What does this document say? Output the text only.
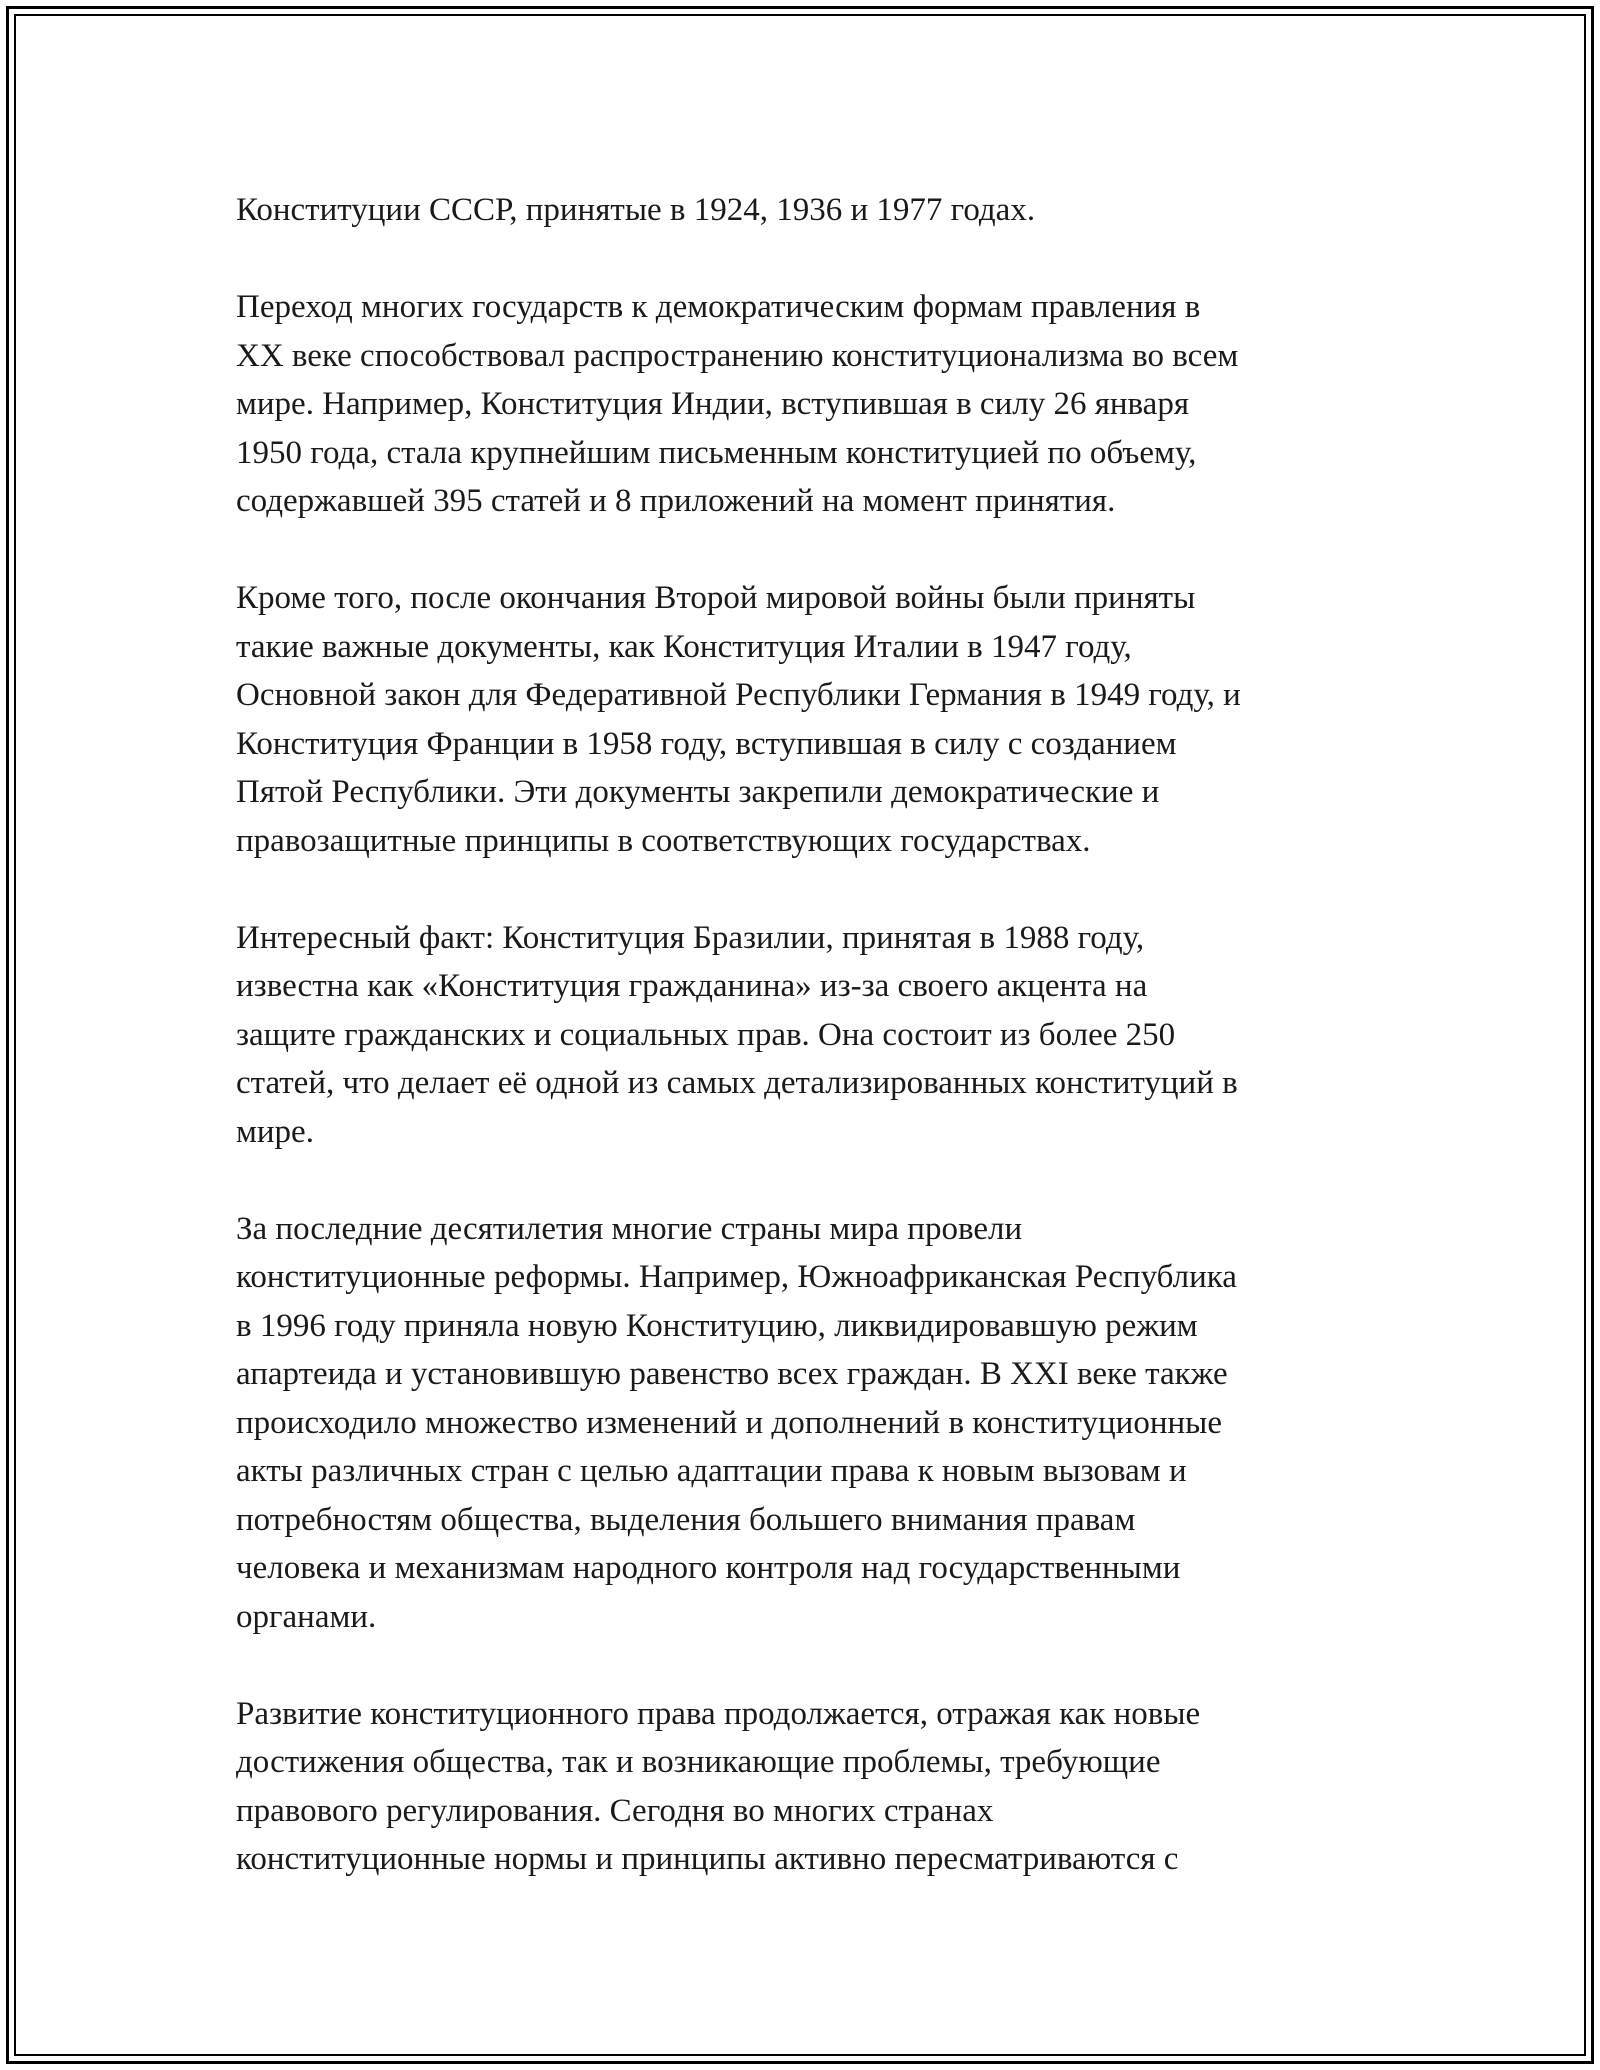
Конституции СССР, принятые в 1924, 1936 и 1977 годах.

Переход многих государств к демократическим формам правления в
XX веке способствовал распространению конституционализма во всем
мире. Например, Конституция Индии, вступившая в силу 26 января
1950 года, стала крупнейшим письменным конституцией по объему,
содержавшей 395 статей и 8 приложений на момент принятия.

Кроме того, после окончания Второй мировой войны были приняты
такие важные документы, как Конституция Италии в 1947 году,
Основной закон для Федеративной Республики Германия в 1949 году, и
Конституция Франции в 1958 году, вступившая в силу с созданием
Пятой Республики. Эти документы закрепили демократические и
правозащитные принципы в соответствующих государствах.

Интересный факт: Конституция Бразилии, принятая в 1988 году,
известна как «Конституция гражданина» из-за своего акцента на
защите гражданских и социальных прав. Она состоит из более 250
статей, что делает её одной из самых детализированных конституций в
мире.

За последние десятилетия многие страны мира провели
конституционные реформы. Например, Южноафриканская Республика
в 1996 году приняла новую Конституцию, ликвидировавшую режим
апартеида и установившую равенство всех граждан. В XXI веке также
происходило множество изменений и дополнений в конституционные
акты различных стран с целью адаптации права к новым вызовам и
потребностям общества, выделения большего внимания правам
человека и механизмам народного контроля над государственными
органами.

Развитие конституционного права продолжается, отражая как новые
достижения общества, так и возникающие проблемы, требующие
правового регулирования. Сегодня во многих странах
конституционные нормы и принципы активно пересматриваются с
